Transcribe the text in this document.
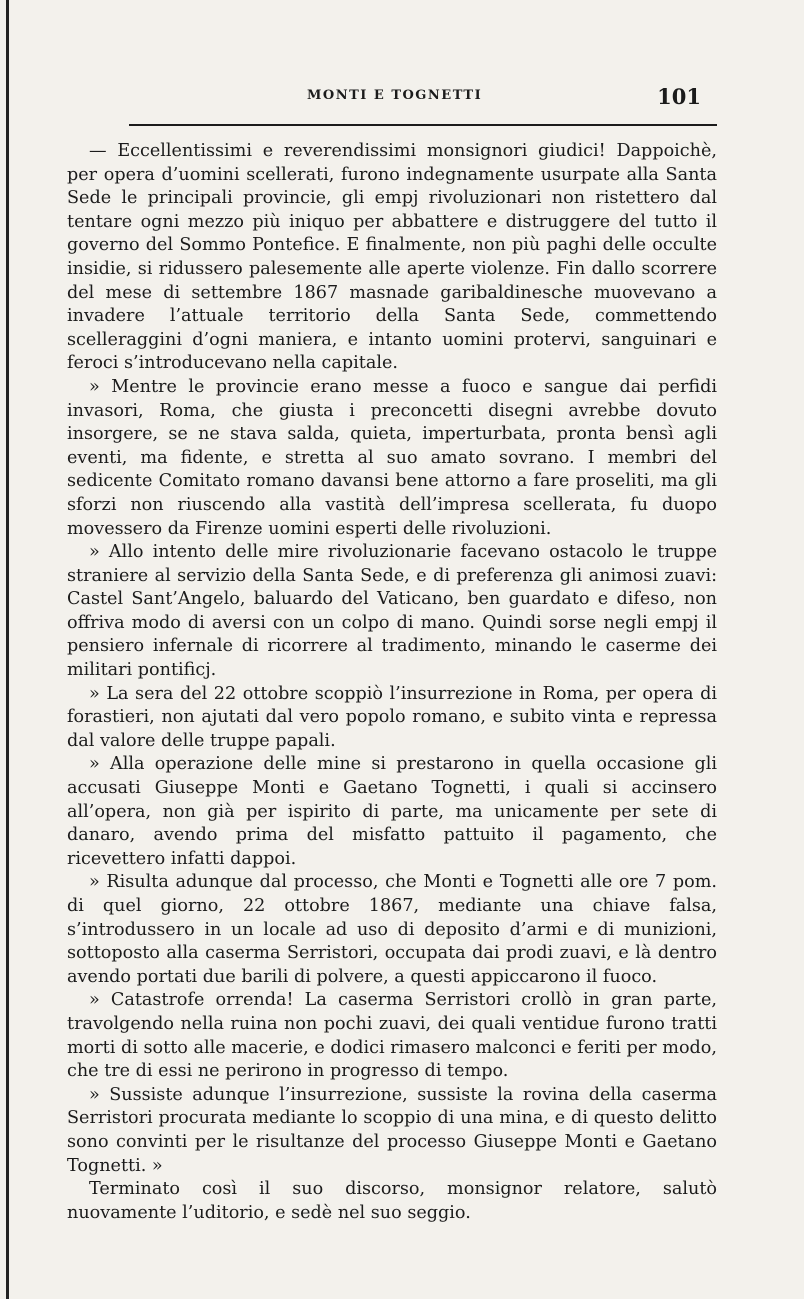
MONTI E TOGNETTI	101

— Eccellentissimi e reverendissimi monsignori giudici! Dappoichè, per opera d’uomini scellerati, furono indegnamente usurpate alla Santa Sede le principali provincie, gli empj rivoluzionari non ristettero dal tentare ogni mezzo più iniquo per abbattere e distruggere del tutto il governo del Sommo Pontefice. E finalmente, non più paghi delle occulte insidie, si ridussero palesemente alle aperte violenze. Fin dallo scorrere del mese di settembre 1867 masnade garibaldinesche muovevano a invadere l’attuale territorio della Santa Sede, commettendo scelleraggini d’ogni maniera, e intanto uomini protervi, sanguinari e feroci s’introducevano nella capitale.

» Mentre le provincie erano messe a fuoco e sangue dai perfidi invasori, Roma, che giusta i preconcetti disegni avrebbe dovuto insorgere, se ne stava salda, quieta, imperturbata, pronta bensì agli eventi, ma fidente, e stretta al suo amato sovrano. I membri del sedicente Comitato romano davansi bene attorno a fare proseliti, ma gli sforzi non riuscendo alla vastità dell’impresa scellerata, fu duopo movessero da Firenze uomini esperti delle rivoluzioni.

» Allo intento delle mire rivoluzionarie facevano ostacolo le truppe straniere al servizio della Santa Sede, e di preferenza gli animosi zuavi: Castel Sant’Angelo, baluardo del Vaticano, ben guardato e difeso, non offriva modo di aversi con un colpo di mano. Quindi sorse negli empj il pensiero infernale di ricorrere al tradimento, minando le caserme dei militari pontificj.

» La sera del 22 ottobre scoppiò l’insurrezione in Roma, per opera di forastieri, non ajutati dal vero popolo romano, e subito vinta e repressa dal valore delle truppe papali.

» Alla operazione delle mine si prestarono in quella occasione gli accusati Giuseppe Monti e Gaetano Tognetti, i quali si accinsero all’opera, non già per ispirito di parte, ma unicamente per sete di danaro, avendo prima del misfatto pattuito il pagamento, che ricevettero infatti dappoi.

» Risulta adunque dal processo, che Monti e Tognetti alle ore 7 pom. di quel giorno, 22 ottobre 1867, mediante una chiave falsa, s’introdussero in un locale ad uso di deposito d’armi e di munizioni, sottoposto alla caserma Serristori, occupata dai prodi zuavi, e là dentro avendo portati due barili di polvere, a questi appiccarono il fuoco.

» Catastrofe orrenda! La caserma Serristori crollò in gran parte, travolgendo nella ruina non pochi zuavi, dei quali ventidue furono tratti morti di sotto alle macerie, e dodici rimasero malconci e feriti per modo, che tre di essi ne perirono in progresso di tempo.

» Sussiste adunque l’insurrezione, sussiste la rovina della caserma Serristori procurata mediante lo scoppio di una mina, e di questo delitto sono convinti per le risultanze del processo Giuseppe Monti e Gaetano Tognetti. »

Terminato così il suo discorso, monsignor relatore, salutò nuovamente l’uditorio, e sedè nel suo seggio.
